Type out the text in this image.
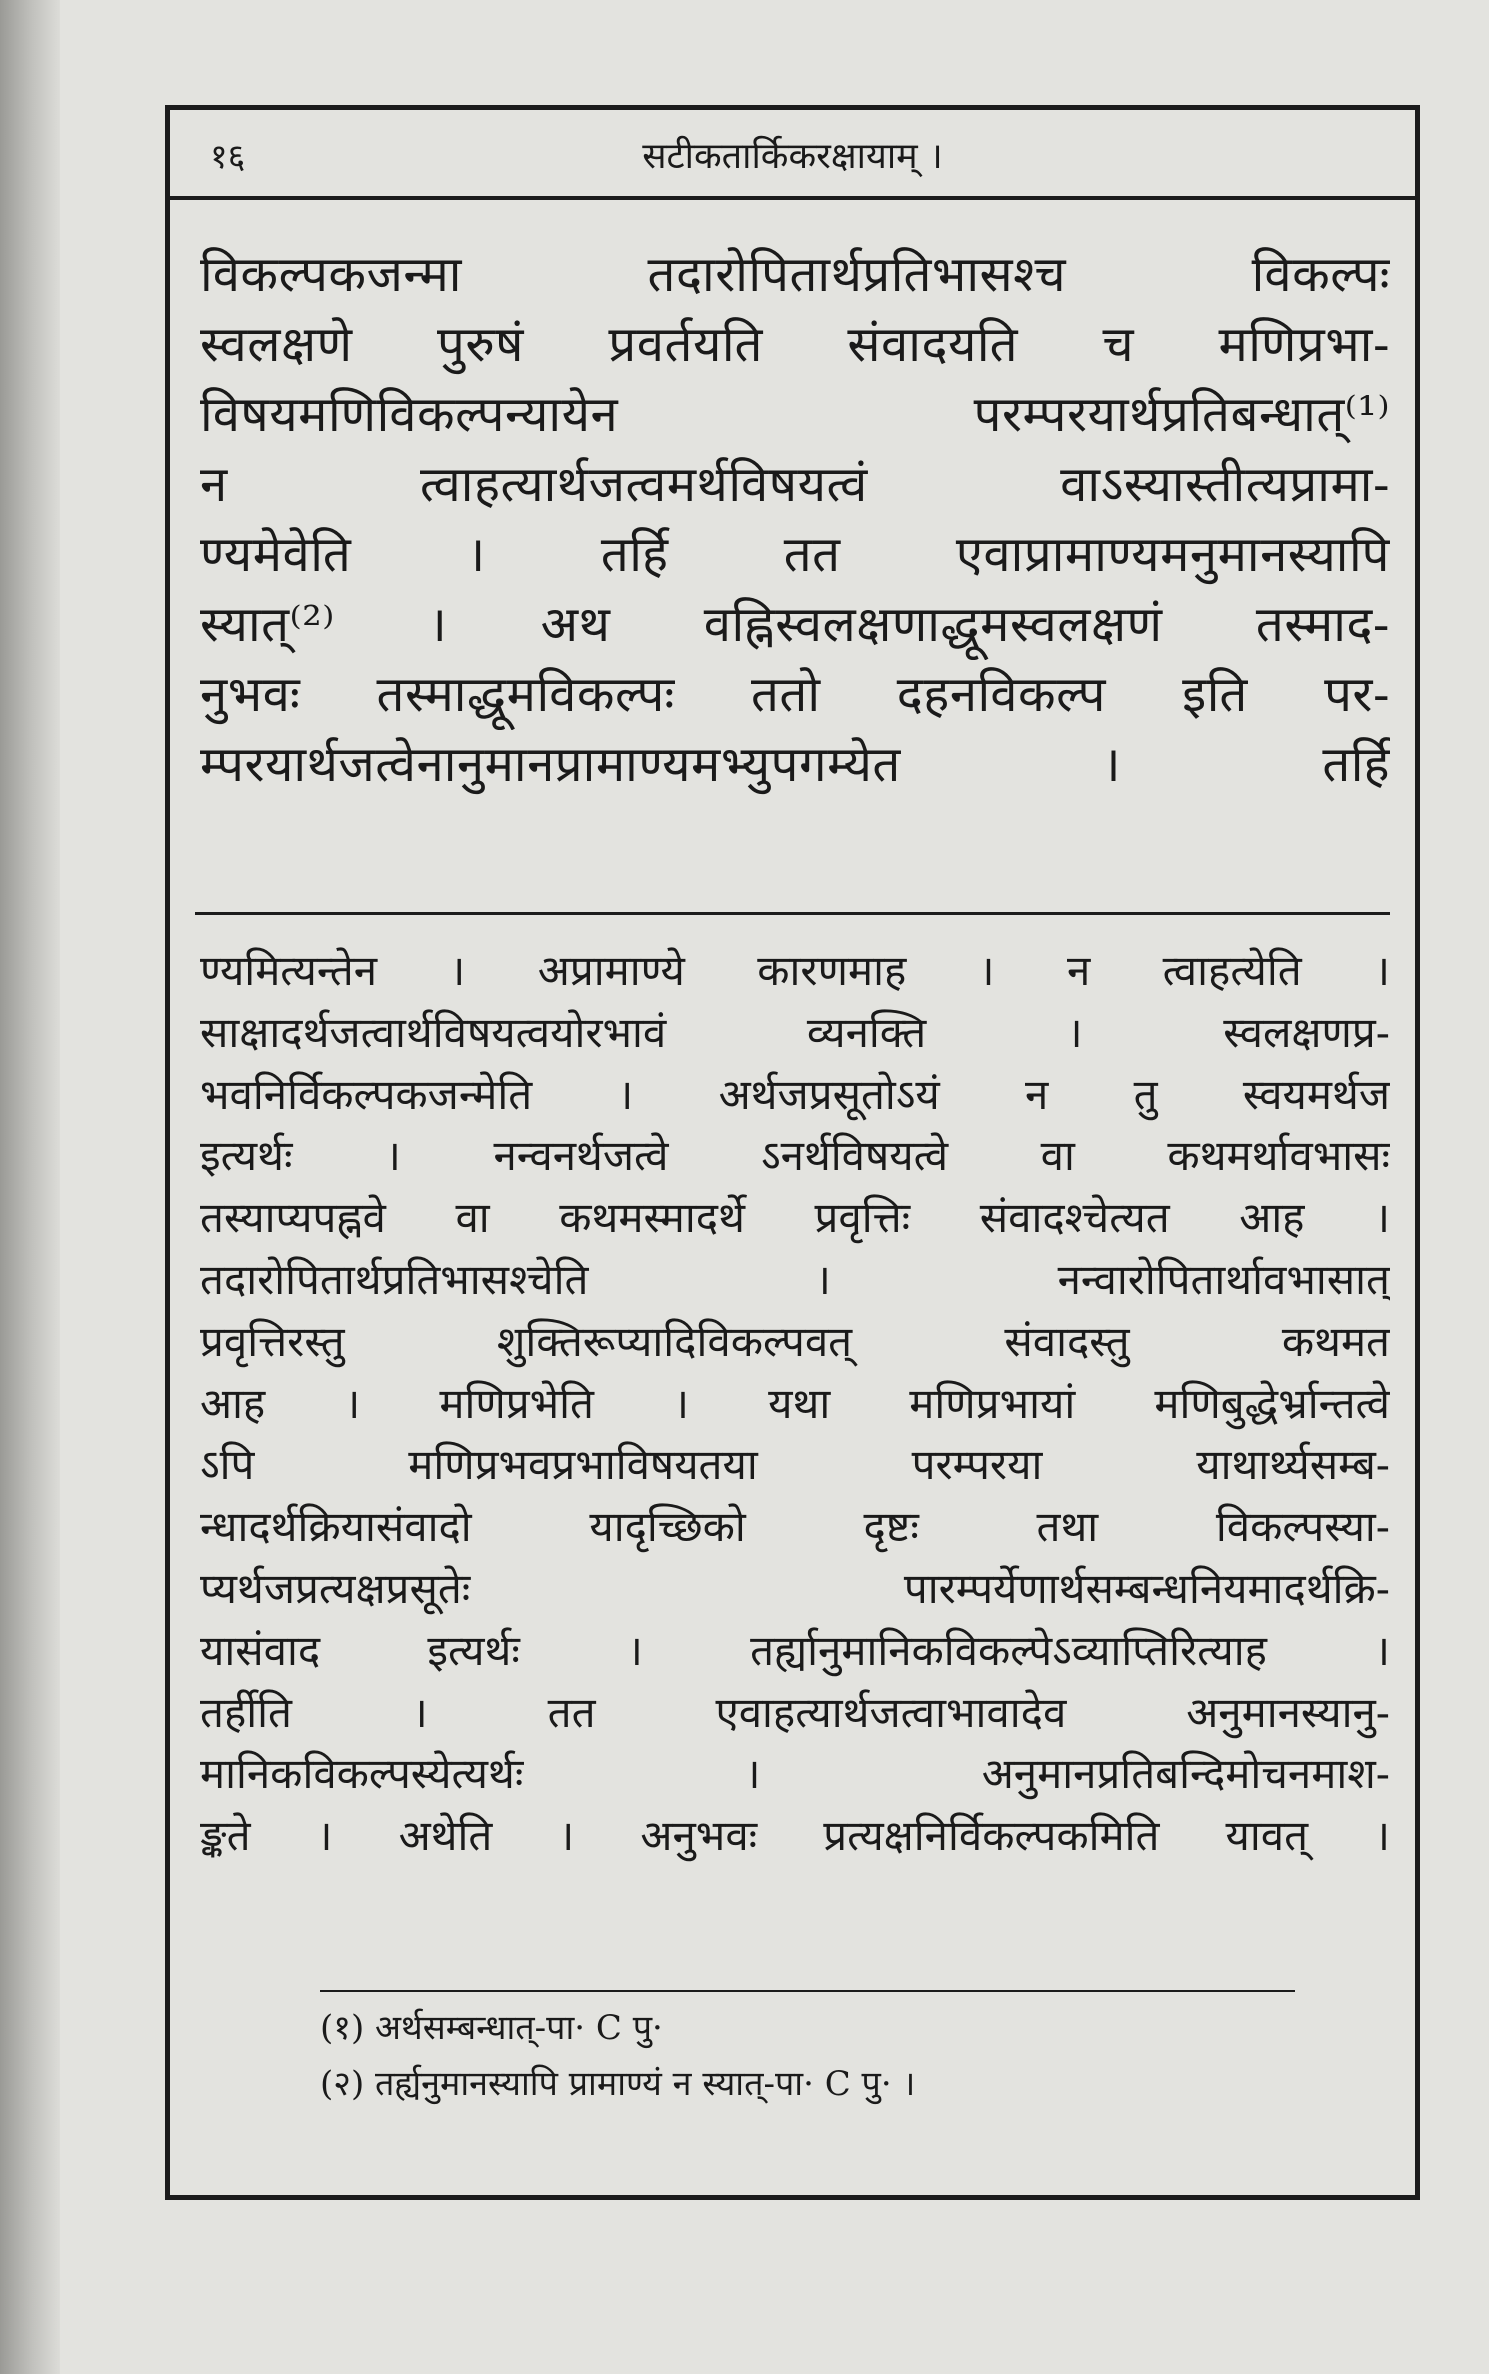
१६	सटीकतार्किकरक्षायाम् ।
विकल्पकजन्मा तदारोपितार्थप्रतिभासश्च विकल्पः
स्वलक्षणे पुरुषं प्रवर्तयति संवादयति च मणिप्रभा-
विषयमणिविकल्पन्यायेन परम्परयार्थप्रतिबन्धात्⁽¹⁾
न त्वाहत्यार्थजत्वमर्थविषयत्वं वाऽस्यास्तीत्यप्रामा-
ण्यमेवेति । तर्हि तत एवाप्रामाण्यमनुमानस्यापि
स्यात्⁽²⁾ । अथ वह्निस्वलक्षणाद्धूमस्वलक्षणं तस्माद-
नुभवः तस्माद्धूमविकल्पः ततो दहनविकल्प इति पर-
म्परयार्थजत्वेनानुमानप्रामाण्यमभ्युपगम्येत । तर्हि
ण्यमित्यन्तेन । अप्रामाण्ये कारणमाह । न त्वाहत्येति ।
साक्षादर्थजत्वार्थविषयत्वयोरभावं व्यनक्ति । स्वलक्षणप्र-
भवनिर्विकल्पकजन्मेति । अर्थजप्रसूतोऽयं न तु स्वयमर्थज
इत्यर्थः । नन्वनर्थजत्वे ऽनर्थविषयत्वे वा कथमर्थावभासः
तस्याप्यपह्नवे वा कथमस्मादर्थे प्रवृत्तिः संवादश्चेत्यत आह ।
तदारोपितार्थप्रतिभासश्चेति । नन्वारोपितार्थावभासात्
प्रवृत्तिरस्तु शुक्तिरूप्यादिविकल्पवत् संवादस्तु कथमत
आह । मणिप्रभेति । यथा मणिप्रभायां मणिबुद्धेर्भ्रान्तत्वे
ऽपि मणिप्रभवप्रभाविषयतया परम्परया याथार्थ्यसम्ब-
न्धादर्थक्रियासंवादो यादृच्छिको दृष्टः तथा विकल्पस्या-
प्यर्थजप्रत्यक्षप्रसूतेः पारम्पर्येणार्थसम्बन्धनियमादर्थक्रि-
यासंवाद इत्यर्थः । तर्ह्यानुमानिकविकल्पेऽव्याप्तिरित्याह ।
तर्हीति । तत एवाहत्यार्थजत्वाभावादेव अनुमानस्यानु-
मानिकविकल्पस्येत्यर्थः । अनुमानप्रतिबन्दिमोचनमाश-
ङ्कते । अथेति । अनुभवः प्रत्यक्षनिर्विकल्पकमिति यावत् ।
(१) अर्थसम्बन्धात्-पा· C पु·
(२) तर्ह्यनुमानस्यापि प्रामाण्यं न स्यात्-पा· C पु· ।
